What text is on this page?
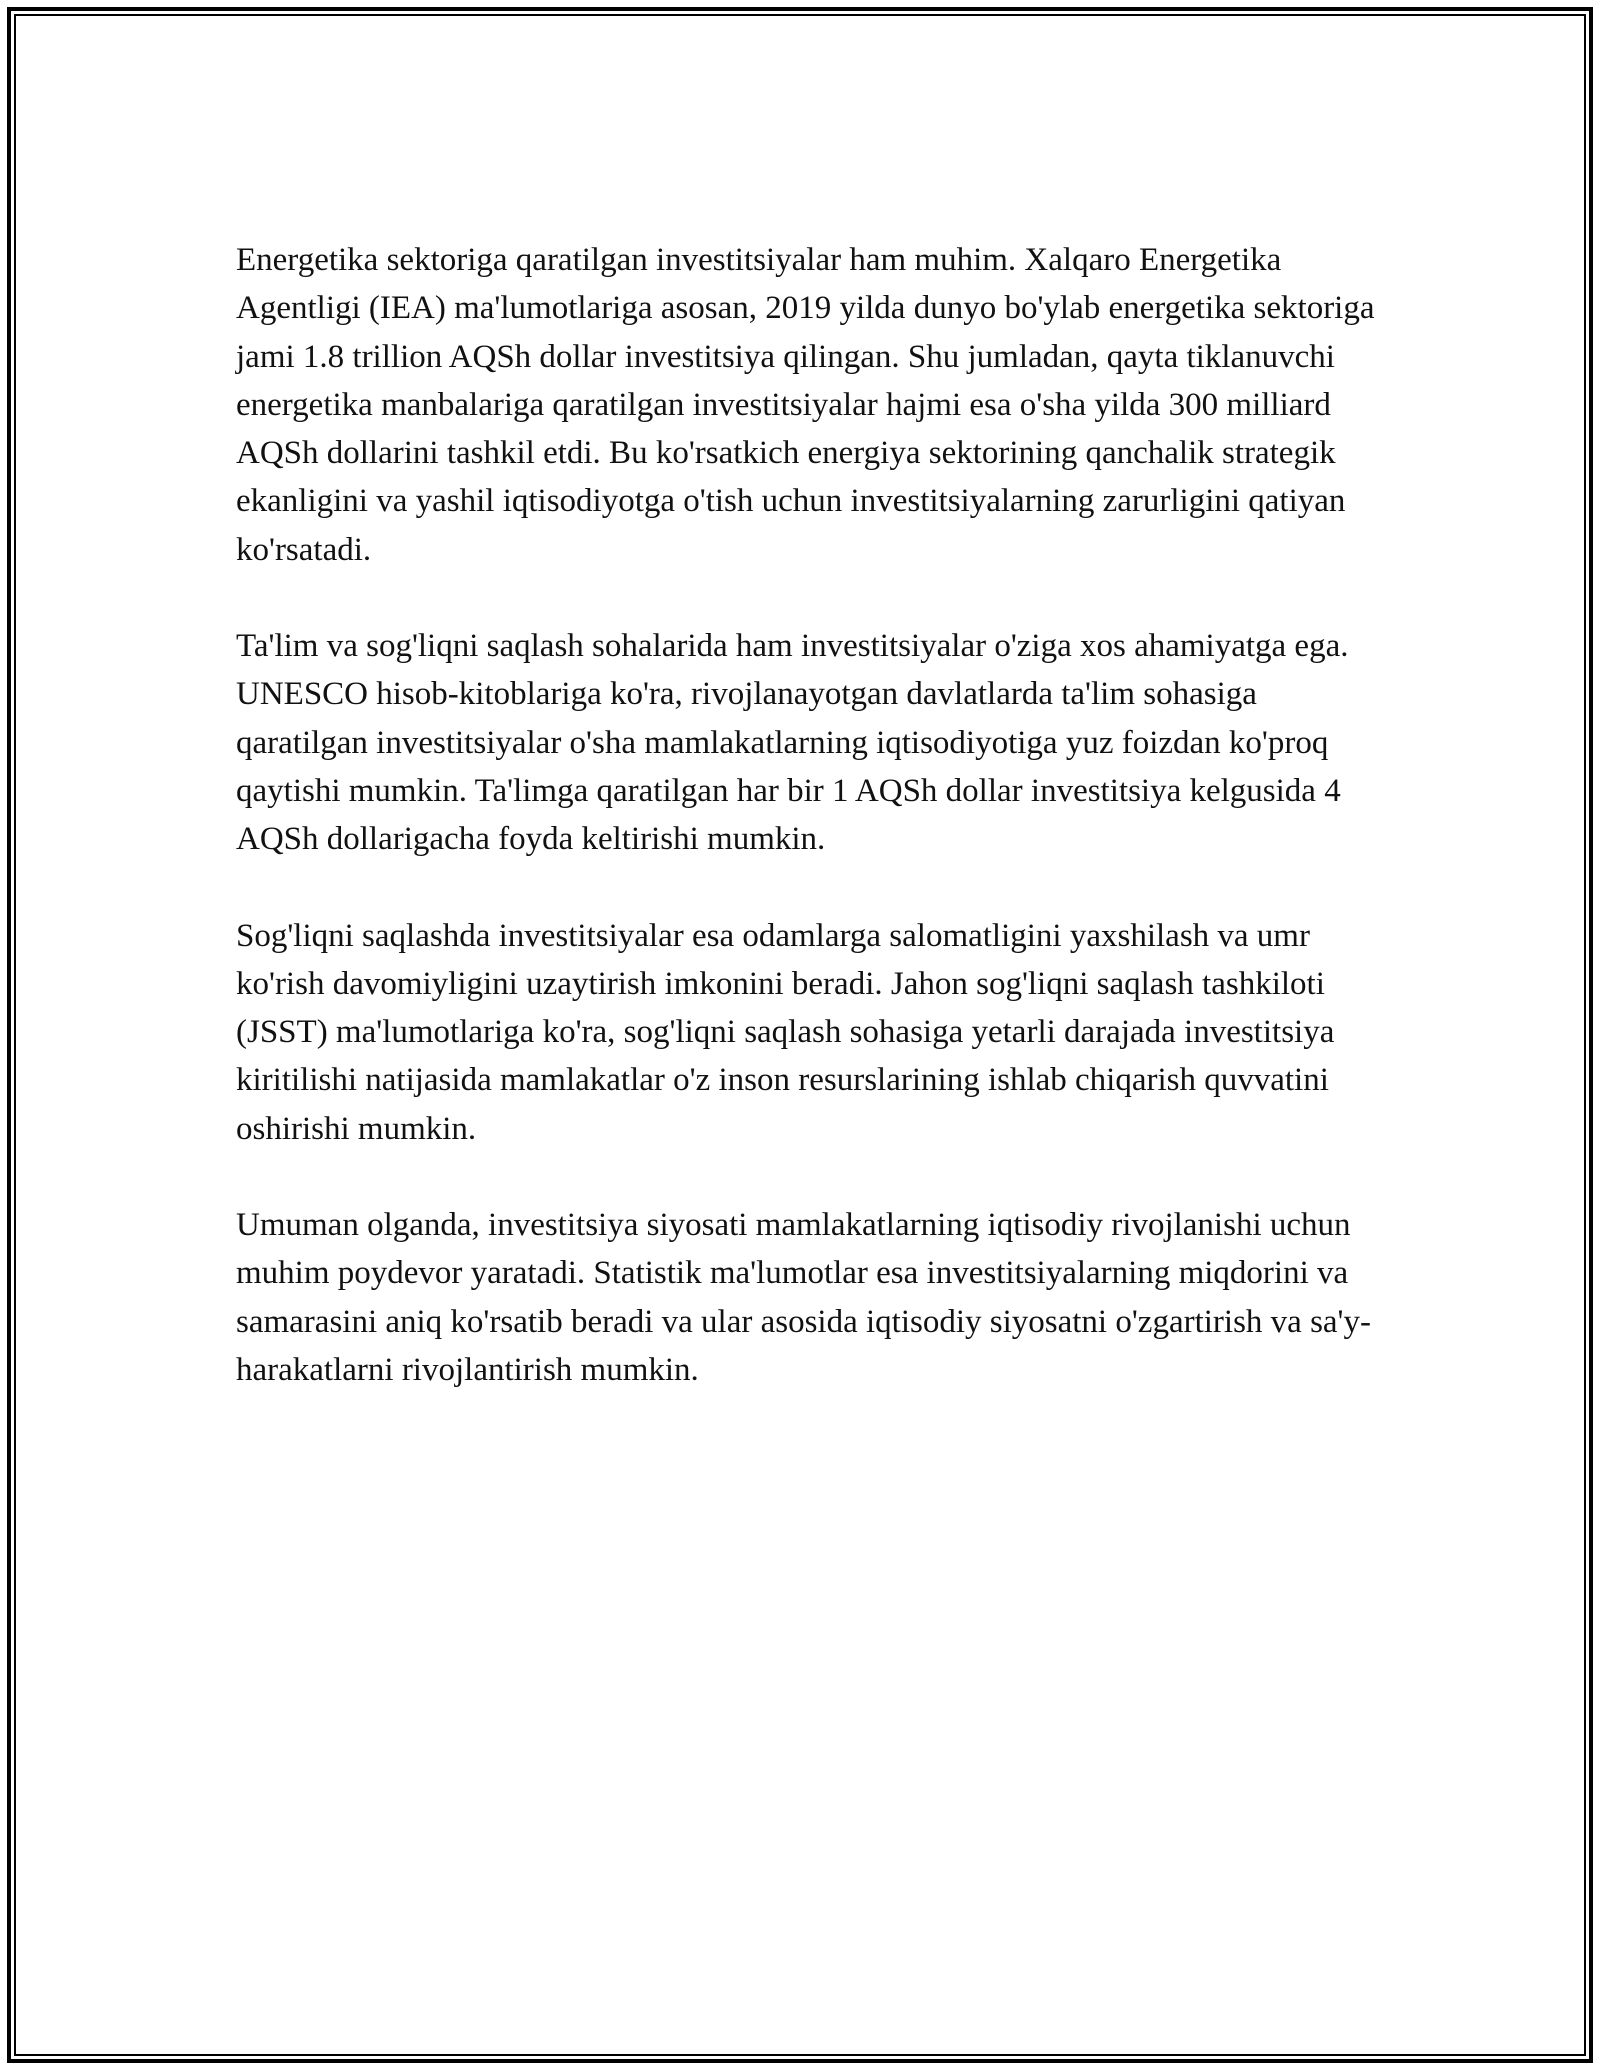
Energetika sektoriga qaratilgan investitsiyalar ham muhim. Xalqaro Energetika Agentligi (IEA) ma'lumotlariga asosan, 2019 yilda dunyo bo'ylab energetika sektoriga jami 1.8 trillion AQSh dollar investitsiya qilingan. Shu jumladan, qayta tiklanuvchi energetika manbalariga qaratilgan investitsiyalar hajmi esa o'sha yilda 300 milliard AQSh dollarini tashkil etdi. Bu ko'rsatkich energiya sektorining qanchalik strategik ekanligini va yashil iqtisodiyotga o'tish uchun investitsiyalarning zarurligini qatiyan ko'rsatadi.

Ta'lim va sog'liqni saqlash sohalarida ham investitsiyalar o'ziga xos ahamiyatga ega. UNESCO hisob-kitoblariga ko'ra, rivojlanayotgan davlatlarda ta'lim sohasiga qaratilgan investitsiyalar o'sha mamlakatlarning iqtisodiyotiga yuz foizdan ko'proq qaytishi mumkin. Ta'limga qaratilgan har bir 1 AQSh dollar investitsiya kelgusida 4 AQSh dollarigacha foyda keltirishi mumkin.

Sog'liqni saqlashda investitsiyalar esa odamlarga salomatligini yaxshilash va umr ko'rish davomiyligini uzaytirish imkonini beradi. Jahon sog'liqni saqlash tashkiloti (JSST) ma'lumotlariga ko'ra, sog'liqni saqlash sohasiga yetarli darajada investitsiya kiritilishi natijasida mamlakatlar o'z inson resurslarining ishlab chiqarish quvvatini oshirishi mumkin.

Umuman olganda, investitsiya siyosati mamlakatlarning iqtisodiy rivojlanishi uchun muhim poydevor yaratadi. Statistik ma'lumotlar esa investitsiyalarning miqdorini va samarasini aniq ko'rsatib beradi va ular asosida iqtisodiy siyosatni o'zgartirish va sa'y-harakatlarni rivojlantirish mumkin.
